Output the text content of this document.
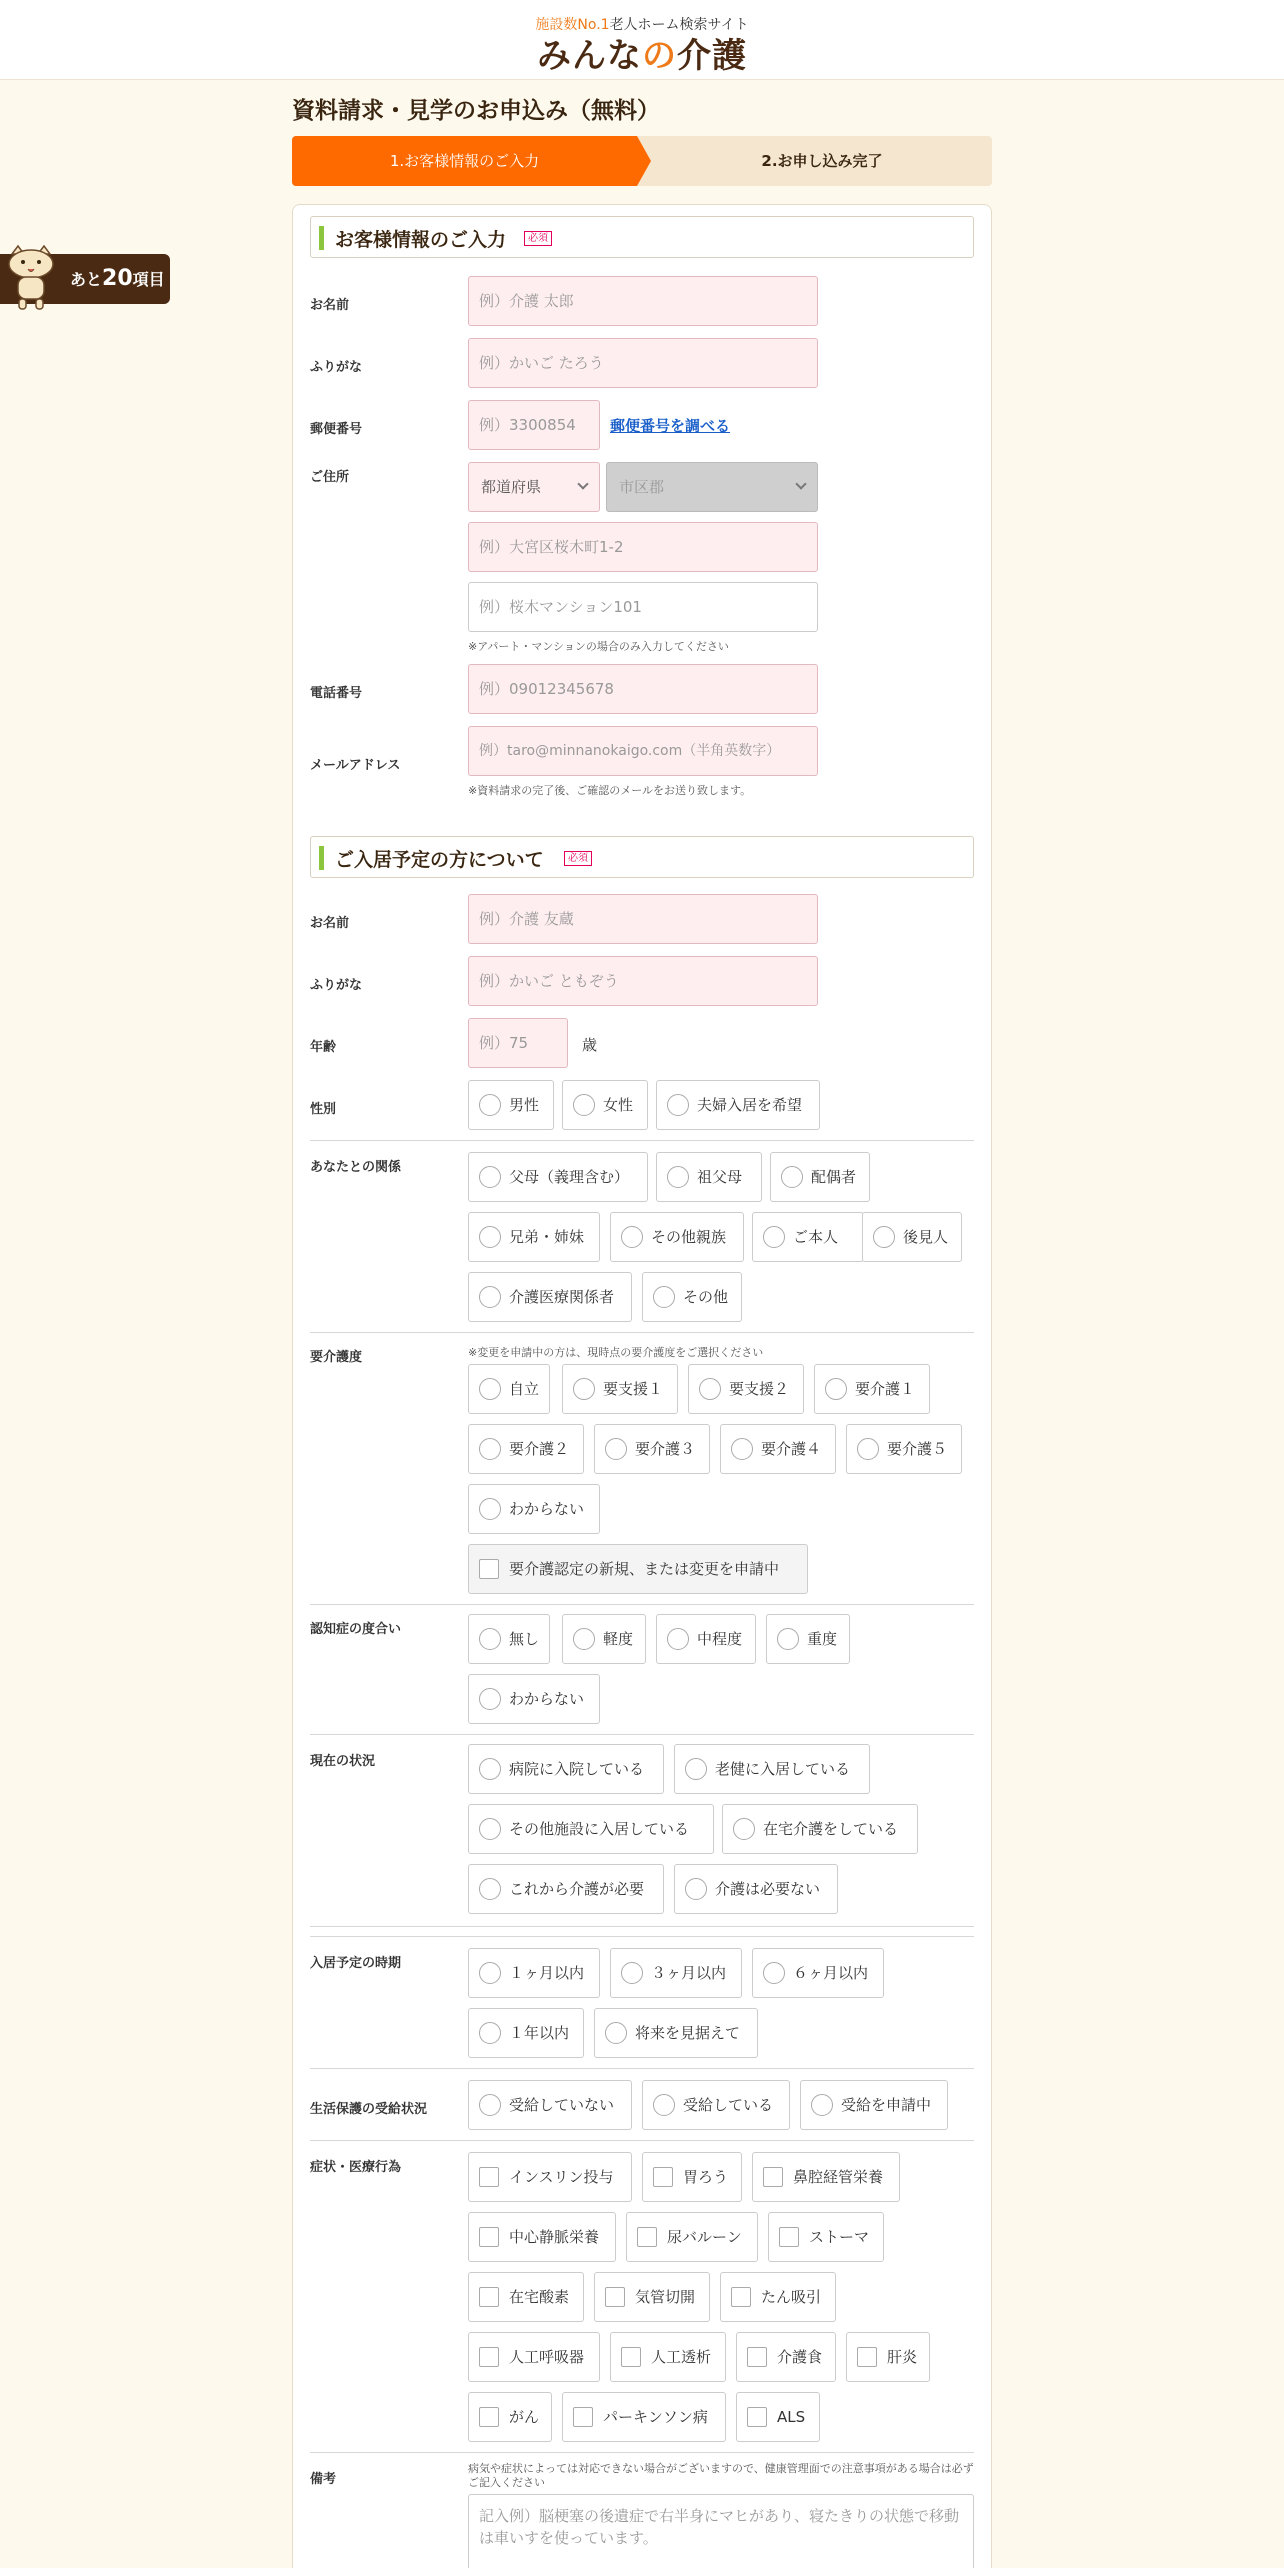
施設数No.1老人ホーム検索サイト
みんなの介護
資料請求・見学のお申込み（無料）
1.お客様情報のご入力	2.お申し込み完了
あと20項目
お客様情報のご入力	必須
お名前	例）介護 太郎
ふりがな	例）かいご たろう
郵便番号	例）3300854	郵便番号を調べる
ご住所
都道府県	市区郡
例）大宮区桜木町1-2
例）桜木マンション101
※アパート・マンションの場合のみ入力してください
電話番号	例）09012345678
メールアドレス
例）taro@minnanokaigo.com（半角英数字）
※資料請求の完了後、ご確認のメールをお送り致します。
ご入居予定の方について	必須
お名前	例）介護 友蔵
ふりがな	例）かいご ともぞう
年齢	例）75	歳
性別	男性	女性	夫婦入居を希望
あなたとの関係
父母（義理含む）	祖父母	配偶者
兄弟・姉妹	その他親族	ご本人	後見人
介護医療関係者	その他
要介護度	※変更を申請中の方は、現時点の要介護度をご選択ください
自立	要支援１	要支援２	要介護１
要介護２	要介護３	要介護４	要介護５
わからない
要介護認定の新規、または変更を申請中
認知症の度合い
無し	軽度	中程度	重度
わからない
現在の状況	病院に入院している	老健に入居している
その他施設に入居している	在宅介護をしている
これから介護が必要	介護は必要ない
入居予定の時期
１ヶ月以内	３ヶ月以内	６ヶ月以内
１年以内	将来を見据えて
生活保護の受給状況	受給していない	受給している	受給を申請中
症状・医療行為
インスリン投与	胃ろう	鼻腔経管栄養
中心静脈栄養	尿バルーン	ストーマ
在宅酸素	気管切開	たん吸引
人工呼吸器	人工透析	介護食	肝炎
がん	パーキンソン病	ALS
備考
病気や症状によっては対応できない場合がございますので、健康管理面での注意事項がある場合は必ずご記入ください
記入例）脳梗塞の後遺症で右半身にマヒがあり、寝たきりの状態で移動は車いすを使っています。
